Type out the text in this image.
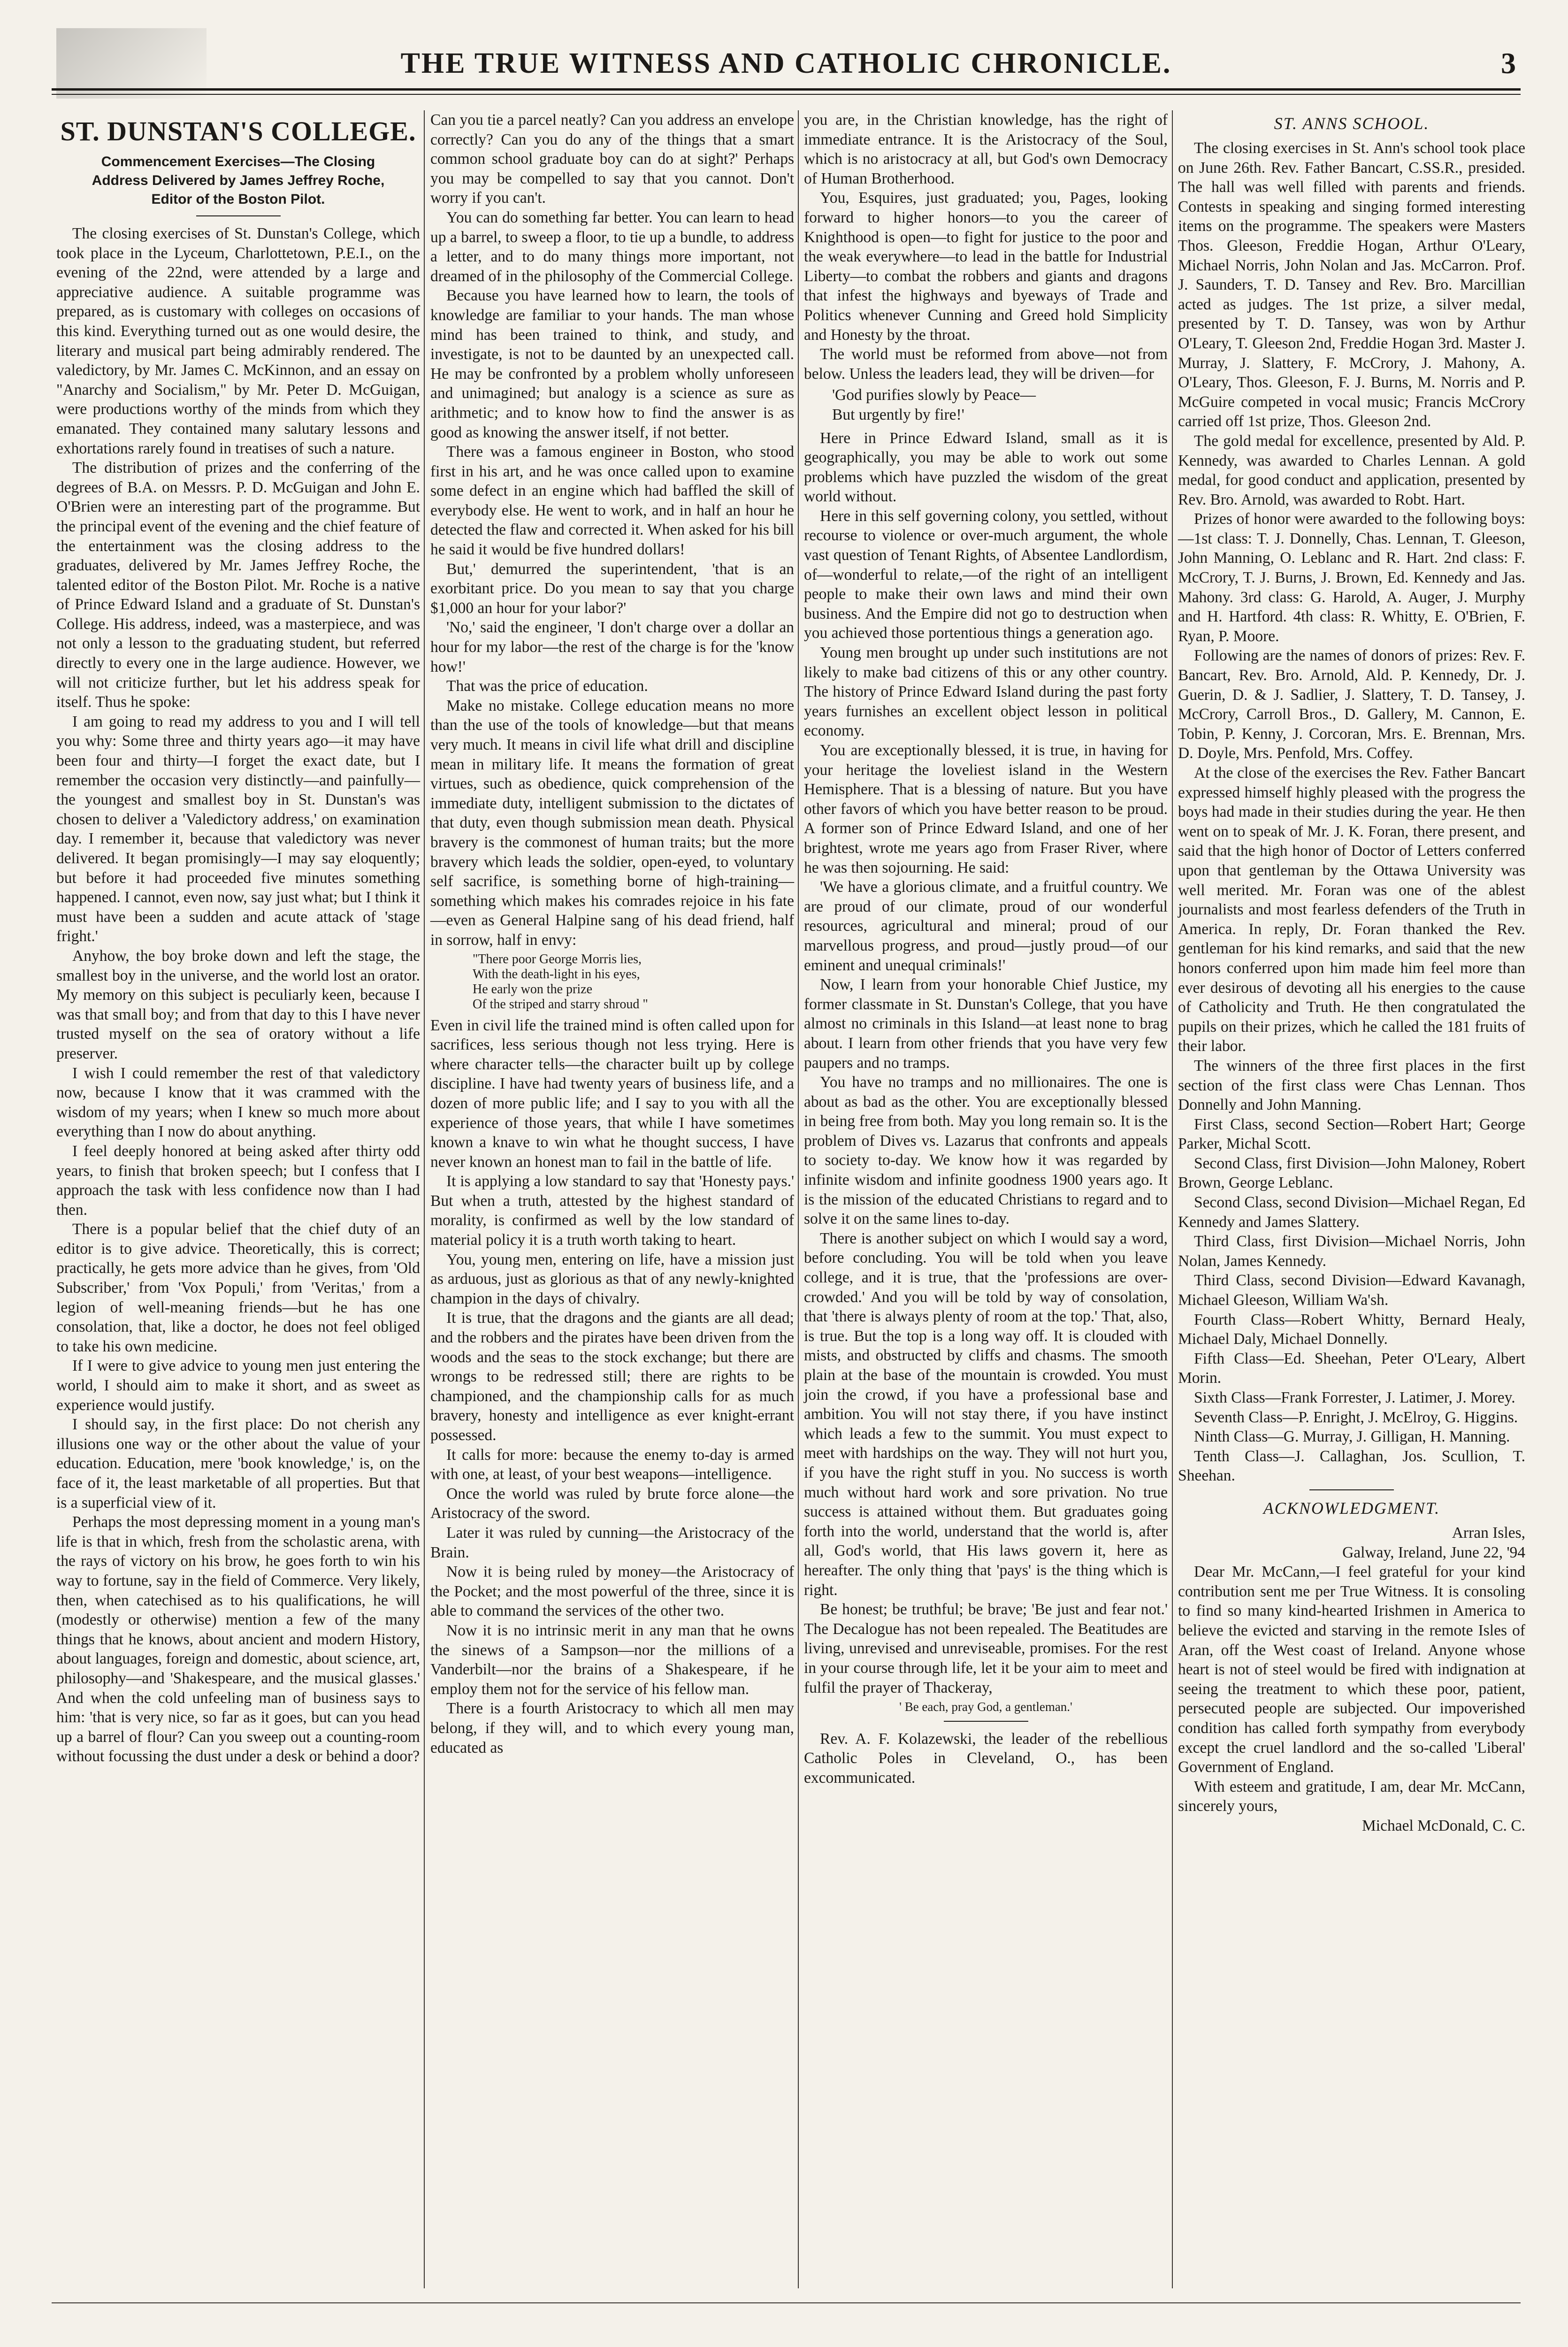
THE TRUE WITNESS AND CATHOLIC CHRONICLE.	3
ST. DUNSTAN'S COLLEGE.
Commencement Exercises—The Closing Address Delivered by James Jeffrey Roche, Editor of the Boston Pilot.

The closing exercises of St. Dunstan's College, which took place in the Lyceum, Charlottetown, P.E.I., on the evening of the 22nd, were attended by a large and appreciative audience. A suitable programme was prepared, as is customary with colleges on occasions of this kind. Everything turned out as one would desire, the literary and musical part being admirably rendered. The valedictory, by Mr. James C. McKinnon, and an essay on "Anarchy and Socialism," by Mr. Peter D. McGuigan, were productions worthy of the minds from which they emanated. They contained many salutary lessons and exhortations rarely found in treatises of such a nature.

The distribution of prizes and the conferring of the degrees of B.A. on Messrs. P. D. McGuigan and John E. O'Brien were an interesting part of the programme. But the principal event of the evening and the chief feature of the entertainment was the closing address to the graduates, delivered by Mr. James Jeffrey Roche, the talented editor of the Boston Pilot. Mr. Roche is a native of Prince Edward Island and a graduate of St. Dunstan's College. His address, indeed, was a masterpiece, and was not only a lesson to the graduating student, but referred directly to every one in the large audience. However, we will not criticize further, but let his address speak for itself. Thus he spoke:

I am going to read my address to you and I will tell you why: Some three and thirty years ago—it may have been four and thirty—I forget the exact date, but I remember the occasion very distinctly—and painfully—the youngest and smallest boy in St. Dunstan's was chosen to deliver a 'Valedictory address,' on examination day. I remember it, because that valedictory was never delivered. It began promisingly—I may say eloquently; but before it had proceeded five minutes something happened. I cannot, even now, say just what; but I think it must have been a sudden and acute attack of 'stage fright.'

Anyhow, the boy broke down and left the stage, the smallest boy in the universe, and the world lost an orator. My memory on this subject is peculiarly keen, because I was that small boy; and from that day to this I have never trusted myself on the sea of oratory without a life preserver.

I wish I could remember the rest of that valedictory now, because I know that it was crammed with the wisdom of my years; when I knew so much more about everything than I now do about anything.

I feel deeply honored at being asked after thirty odd years, to finish that broken speech; but I confess that I approach the task with less confidence now than I had then.

There is a popular belief that the chief duty of an editor is to give advice. Theoretically, this is correct; practically, he gets more advice than he gives, from 'Old Subscriber,' from 'Vox Populi,' from 'Veritas,' from a legion of well-meaning friends—but he has one consolation, that, like a doctor, he does not feel obliged to take his own medicine.

If I were to give advice to young men just entering the world, I should aim to make it short, and as sweet as experience would justify.

I should say, in the first place: Do not cherish any illusions one way or the other about the value of your education. Education, mere 'book knowledge,' is, on the face of it, the least marketable of all properties. But that is a superficial view of it.

Perhaps the most depressing moment in a young man's life is that in which, fresh from the scholastic arena, with the rays of victory on his brow, he goes forth to win his way to fortune, say in the field of Commerce. Very likely, then, when catechised as to his qualifications, he will (modestly or otherwise) mention a few of the many things that he knows, about ancient and modern History, about languages, foreign and domestic, about science, art, philosophy—and 'Shakespeare, and the musical glasses.' And when the cold unfeeling man of business says to him: 'that is very nice, so far as it goes, but can you head up a barrel of flour? Can you sweep out a counting-room without focussing the dust under a desk or behind a door?

Can you tie a parcel neatly? Can you address an envelope correctly? Can you do any of the things that a smart common school graduate boy can do at sight?' Perhaps you may be compelled to say that you cannot. Don't worry if you can't.

You can do something far better. You can learn to head up a barrel, to sweep a floor, to tie up a bundle, to address a letter, and to do many things more important, not dreamed of in the philosophy of the Commercial College.

Because you have learned how to learn, the tools of knowledge are familiar to your hands. The man whose mind has been trained to think, and study, and investigate, is not to be daunted by an unexpected call. He may be confronted by a problem wholly unforeseen and unimagined; but analogy is a science as sure as arithmetic; and to know how to find the answer is as good as knowing the answer itself, if not better.

There was a famous engineer in Boston, who stood first in his art, and he was once called upon to examine some defect in an engine which had baffled the skill of everybody else. He went to work, and in half an hour he detected the flaw and corrected it. When asked for his bill he said it would be five hundred dollars!

But,' demurred the superintendent, 'that is an exorbitant price. Do you mean to say that you charge $1,000 an hour for your labor?'

'No,' said the engineer, 'I don't charge over a dollar an hour for my labor—the rest of the charge is for the 'know how!'

That was the price of education.

Make no mistake. College education means no more than the use of the tools of knowledge—but that means very much. It means in civil life what drill and discipline mean in military life. It means the formation of great virtues, such as obedience, quick comprehension of the immediate duty, intelligent submission to the dictates of that duty, even though submission mean death. Physical bravery is the commonest of human traits; but the more bravery which leads the soldier, open-eyed, to voluntary self sacrifice, is something borne of high-training—something which makes his comrades rejoice in his fate—even as General Halpine sang of his dead friend, half in sorrow, half in envy:

"There poor George Morris lies,
With the death-light in his eyes,
He early won the prize
Of the striped and starry shroud "

Even in civil life the trained mind is often called upon for sacrifices, less serious though not less trying. Here is where character tells—the character built up by college discipline. I have had twenty years of business life, and a dozen of more public life; and I say to you with all the experience of those years, that while I have sometimes known a knave to win what he thought success, I have never known an honest man to fail in the battle of life.

It is applying a low standard to say that 'Honesty pays.' But when a truth, attested by the highest standard of morality, is confirmed as well by the low standard of material policy it is a truth worth taking to heart.

You, young men, entering on life, have a mission just as arduous, just as glorious as that of any newly-knighted champion in the days of chivalry.

It is true, that the dragons and the giants are all dead; and the robbers and the pirates have been driven from the woods and the seas to the stock exchange; but there are wrongs to be redressed still; there are rights to be championed, and the championship calls for as much bravery, honesty and intelligence as ever knight-errant possessed.

It calls for more: because the enemy to-day is armed with one, at least, of your best weapons—intelligence.

Once the world was ruled by brute force alone—the Aristocracy of the sword.

Later it was ruled by cunning—the Aristocracy of the Brain.

Now it is being ruled by money—the Aristocracy of the Pocket; and the most powerful of the three, since it is able to command the services of the other two.

Now it is no intrinsic merit in any man that he owns the sinews of a Sampson—nor the millions of a Vanderbilt—nor the brains of a Shakespeare, if he employ them not for the service of his fellow man.

There is a fourth Aristocracy to which all men may belong, if they will, and to which every young man, educated as

you are, in the Christian knowledge, has the right of immediate entrance. It is the Aristocracy of the Soul, which is no aristocracy at all, but God's own Democracy of Human Brotherhood.

You, Esquires, just graduated; you, Pages, looking forward to higher honors—to you the career of Knighthood is open—to fight for justice to the poor and the weak everywhere—to lead in the battle for Industrial Liberty—to combat the robbers and giants and dragons that infest the highways and byeways of Trade and Politics whenever Cunning and Greed hold Simplicity and Honesty by the throat.

The world must be reformed from above—not from below. Unless the leaders lead, they will be driven—for

'God purifies slowly by Peace—
But urgently by fire!'

Here in Prince Edward Island, small as it is geographically, you may be able to work out some problems which have puzzled the wisdom of the great world without.

Here in this self governing colony, you settled, without recourse to violence or over-much argument, the whole vast question of Tenant Rights, of Absentee Landlordism, of—wonderful to relate,—of the right of an intelligent people to make their own laws and mind their own business. And the Empire did not go to destruction when you achieved those portentious things a generation ago.

Young men brought up under such institutions are not likely to make bad citizens of this or any other country. The history of Prince Edward Island during the past forty years furnishes an excellent object lesson in political economy.

You are exceptionally blessed, it is true, in having for your heritage the loveliest island in the Western Hemisphere. That is a blessing of nature. But you have other favors of which you have better reason to be proud. A former son of Prince Edward Island, and one of her brightest, wrote me years ago from Fraser River, where he was then sojourning. He said:

'We have a glorious climate, and a fruitful country. We are proud of our climate, proud of our wonderful resources, agricultural and mineral; proud of our marvellous progress, and proud—justly proud—of our eminent and unequal criminals!'

Now, I learn from your honorable Chief Justice, my former classmate in St. Dunstan's College, that you have almost no criminals in this Island—at least none to brag about. I learn from other friends that you have very few paupers and no tramps.

You have no tramps and no millionaires. The one is about as bad as the other. You are exceptionally blessed in being free from both. May you long remain so. It is the problem of Dives vs. Lazarus that confronts and appeals to society to-day. We know how it was regarded by infinite wisdom and infinite goodness 1900 years ago. It is the mission of the educated Christians to regard and to solve it on the same lines to-day.

There is another subject on which I would say a word, before concluding. You will be told when you leave college, and it is true, that the 'professions are over-crowded.' And you will be told by way of consolation, that 'there is always plenty of room at the top.' That, also, is true. But the top is a long way off. It is clouded with mists, and obstructed by cliffs and chasms. The smooth plain at the base of the mountain is crowded. You must join the crowd, if you have a professional base and ambition. You will not stay there, if you have instinct which leads a few to the summit. You must expect to meet with hardships on the way. They will not hurt you, if you have the right stuff in you. No success is worth much without hard work and sore privation. No true success is attained without them. But graduates going forth into the world, understand that the world is, after all, God's world, that His laws govern it, here as hereafter. The only thing that 'pays' is the thing which is right.

Be honest; be truthful; be brave; 'Be just and fear not.' The Decalogue has not been repealed. The Beatitudes are living, unrevised and unreviseable, promises. For the rest in your course through life, let it be your aim to meet and fulfil the prayer of Thackeray,

' Be each, pray God, a gentleman.'

Rev. A. F. Kolazewski, the leader of the rebellious Catholic Poles in Cleveland, O., has been excommunicated.

ST. ANNS SCHOOL.

The closing exercises in St. Ann's school took place on June 26th. Rev. Father Bancart, C.SS.R., presided. The hall was well filled with parents and friends. Contests in speaking and singing formed interesting items on the programme. The speakers were Masters Thos. Gleeson, Freddie Hogan, Arthur O'Leary, Michael Norris, John Nolan and Jas. McCarron. Prof. J. Saunders, T. D. Tansey and Rev. Bro. Marcillian acted as judges. The 1st prize, a silver medal, presented by T. D. Tansey, was won by Arthur O'Leary, T. Gleeson 2nd, Freddie Hogan 3rd. Master J. Murray, J. Slattery, F. McCrory, J. Mahony, A. O'Leary, Thos. Gleeson, F. J. Burns, M. Norris and P. McGuire competed in vocal music; Francis McCrory carried off 1st prize, Thos. Gleeson 2nd.

The gold medal for excellence, presented by Ald. P. Kennedy, was awarded to Charles Lennan. A gold medal, for good conduct and application, presented by Rev. Bro. Arnold, was awarded to Robt. Hart.

Prizes of honor were awarded to the following boys:—1st class: T. J. Donnelly, Chas. Lennan, T. Gleeson, John Manning, O. Leblanc and R. Hart. 2nd class: F. McCrory, T. J. Burns, J. Brown, Ed. Kennedy and Jas. Mahony. 3rd class: G. Harold, A. Auger, J. Murphy and H. Hartford. 4th class: R. Whitty, E. O'Brien, F. Ryan, P. Moore.

Following are the names of donors of prizes: Rev. F. Bancart, Rev. Bro. Arnold, Ald. P. Kennedy, Dr. J. Guerin, D. & J. Sadlier, J. Slattery, T. D. Tansey, J. McCrory, Carroll Bros., D. Gallery, M. Cannon, E. Tobin, P. Kenny, J. Corcoran, Mrs. E. Brennan, Mrs. D. Doyle, Mrs. Penfold, Mrs. Coffey.

At the close of the exercises the Rev. Father Bancart expressed himself highly pleased with the progress the boys had made in their studies during the year. He then went on to speak of Mr. J. K. Foran, there present, and said that the high honor of Doctor of Letters conferred upon that gentleman by the Ottawa University was well merited. Mr. Foran was one of the ablest journalists and most fearless defenders of the Truth in America. In reply, Dr. Foran thanked the Rev. gentleman for his kind remarks, and said that the new honors conferred upon him made him feel more than ever desirous of devoting all his energies to the cause of Catholicity and Truth. He then congratulated the pupils on their prizes, which he called the 181 fruits of their labor.

The winners of the three first places in the first section of the first class were Chas Lennan. Thos Donnelly and John Manning.

First Class, second Section—Robert Hart; George Parker, Michal Scott.

Second Class, first Division—John Maloney, Robert Brown, George Leblanc.

Second Class, second Division—Michael Regan, Ed Kennedy and James Slattery.

Third Class, first Division—Michael Norris, John Nolan, James Kennedy.

Third Class, second Division—Edward Kavanagh, Michael Gleeson, William Wa'sh.

Fourth Class—Robert Whitty, Bernard Healy, Michael Daly, Michael Donnelly.

Fifth Class—Ed. Sheehan, Peter O'Leary, Albert Morin.

Sixth Class—Frank Forrester, J. Latimer, J. Morey.

Seventh Class—P. Enright, J. McElroy, G. Higgins.

Ninth Class—G. Murray, J. Gilligan, H. Manning.

Tenth Class—J. Callaghan, Jos. Scullion, T. Sheehan.

ACKNOWLEDGMENT.

Arran Isles,

Galway, Ireland, June 22, '94

Dear Mr. McCann,—I feel grateful for your kind contribution sent me per True Witness. It is consoling to find so many kind-hearted Irishmen in America to believe the evicted and starving in the remote Isles of Aran, off the West coast of Ireland. Anyone whose heart is not of steel would be fired with indignation at seeing the treatment to which these poor, patient, persecuted people are subjected. Our impoverished condition has called forth sympathy from everybody except the cruel landlord and the so-called 'Liberal' Government of England.

With esteem and gratitude, I am, dear Mr. McCann, sincerely yours,

Michael McDonald, C. C.
